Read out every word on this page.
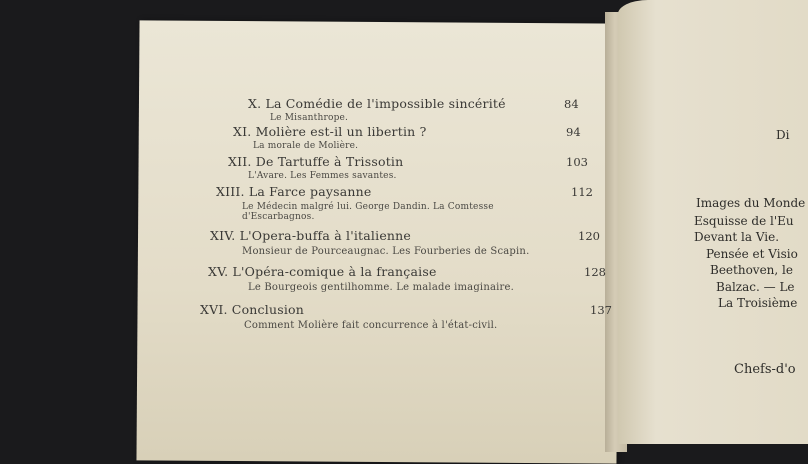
X. La Comédie de l'impossible sincérité
Le Misanthrope.
84
XI. Molière est-il un libertin ?
La morale de Molière.
94
XII. De Tartuffe à Trissotin
L'Avare. Les Femmes savantes.
103
XIII. La Farce paysanne
Le Médecin malgré lui. George Dandin. La Comtesse
d'Escarbagnos.
112
XIV. L'Opera-buffa à l'italienne
Monsieur de Pourceaugnac. Les Fourberies de Scapin.
120
XV. L'Opéra-comique à la française
Le Bourgeois gentilhomme. Le malade imaginaire.
128
XVI. Conclusion
Comment Molière fait concurrence à l'état-civil.
137
Di
Images du Monde
Esquisse de l'Eu
Devant la Vie.
Pensée et Visio
Beethoven, le
Balzac. — Le
La Troisième
Chefs-d'o
